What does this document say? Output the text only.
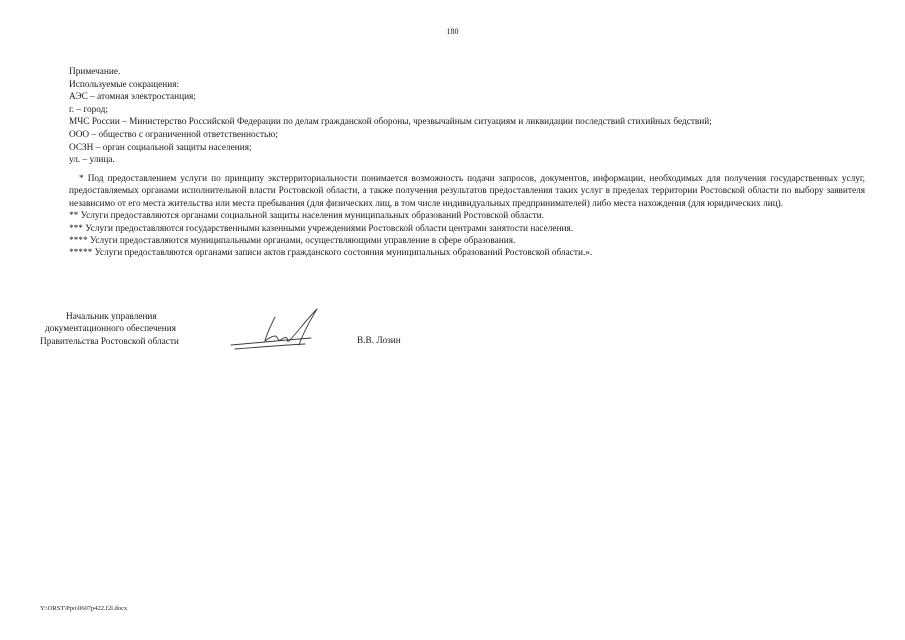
180
Примечание.
Используемые сокращения:
АЭС – атомная электростанция;
г. – город;
МЧС России – Министерство Российской Федерации по делам гражданской обороны, чрезвычайным ситуациям и ликвидации последствий стихийных бедствий;
ООО – общество с ограниченной ответственностью;
ОСЗН – орган социальной защиты населения;
ул. – улица.
* Под предоставлением услуги по принципу экстерриториальности понимается возможность подачи запросов, документов, информации, необходимых для получения государственных услуг, предоставляемых органами исполнительной власти Ростовской области, а также получения результатов предоставления таких услуг в пределах территории Ростовской области по выбору заявителя независимо от его места жительства или места пребывания (для физических лиц, в том числе индивидуальных предпринимателей) либо места нахождения (для юридических лиц).
** Услуги предоставляются органами социальной защиты населения муниципальных образований Ростовской области.
*** Услуги предоставляются государственными казенными учреждениями Ростовской области центрами занятости населения.
**** Услуги предоставляются муниципальными органами, осуществляющими управление в сфере образования.
***** Услуги предоставляются органами записи актов гражданского состояния муниципальных образований Ростовской области.».
Начальник управления
документационного обеспечения
Правительства Ростовской области	В.В. Лозин
Y:\ORST\Ppo\0607p422.f2l.docx
